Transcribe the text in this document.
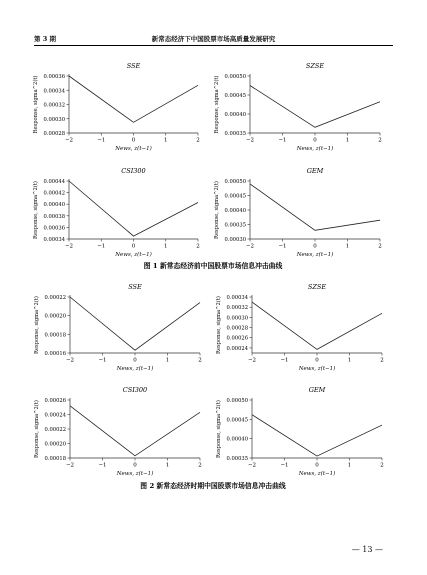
第 3 期	新常态经济下中国股票市场高质量发展研究
SSE
0.00028
0.00030
0.00032
0.00034
0.00036
−2	−1	0	1	2
News, z(t−1)
Response, sigma^2(t)
SZSE
0.00035
0.00040
0.00045
0.00050
−2	−1	0	1	2
News, z(t−1)
Response, sigma^2(t)
CSI300
0.00034
0.00036
0.00038
0.00040
0.00042
0.00044
−2	−1	0	1	2
News, z(t−1)
Response, sigma^2(t)
GEM
0.00030
0.00035
0.00040
0.00045
0.00050
−2	−1	0	1	2
News, z(t−1)
Response, sigma^2(t)
SSE
0.00016
0.00018
0.00020
0.00022
−2	−1	0	1	2
News, z(t−1)
Response, sigma^2(t)
SZSE
0.00024
0.00026
0.00028
0.00030
0.00032
0.00034
−2	−1	0	1	2
News, z(t−1)
Response, sigma^2(t)
CSI300
0.00018
0.00020
0.00022
0.00024
0.00026
−2	−1	0	1	2
News, z(t−1)
Response, sigma^2(t)
GEM
0.00035
0.00040
0.00045
0.00050
−2	−1	0	1	2
News, z(t−1)
Response, sigma^2(t)
图 1 新常态经济前中国股票市场信息冲击曲线
图 2 新常态经济时期中国股票市场信息冲击曲线
— 13 —
